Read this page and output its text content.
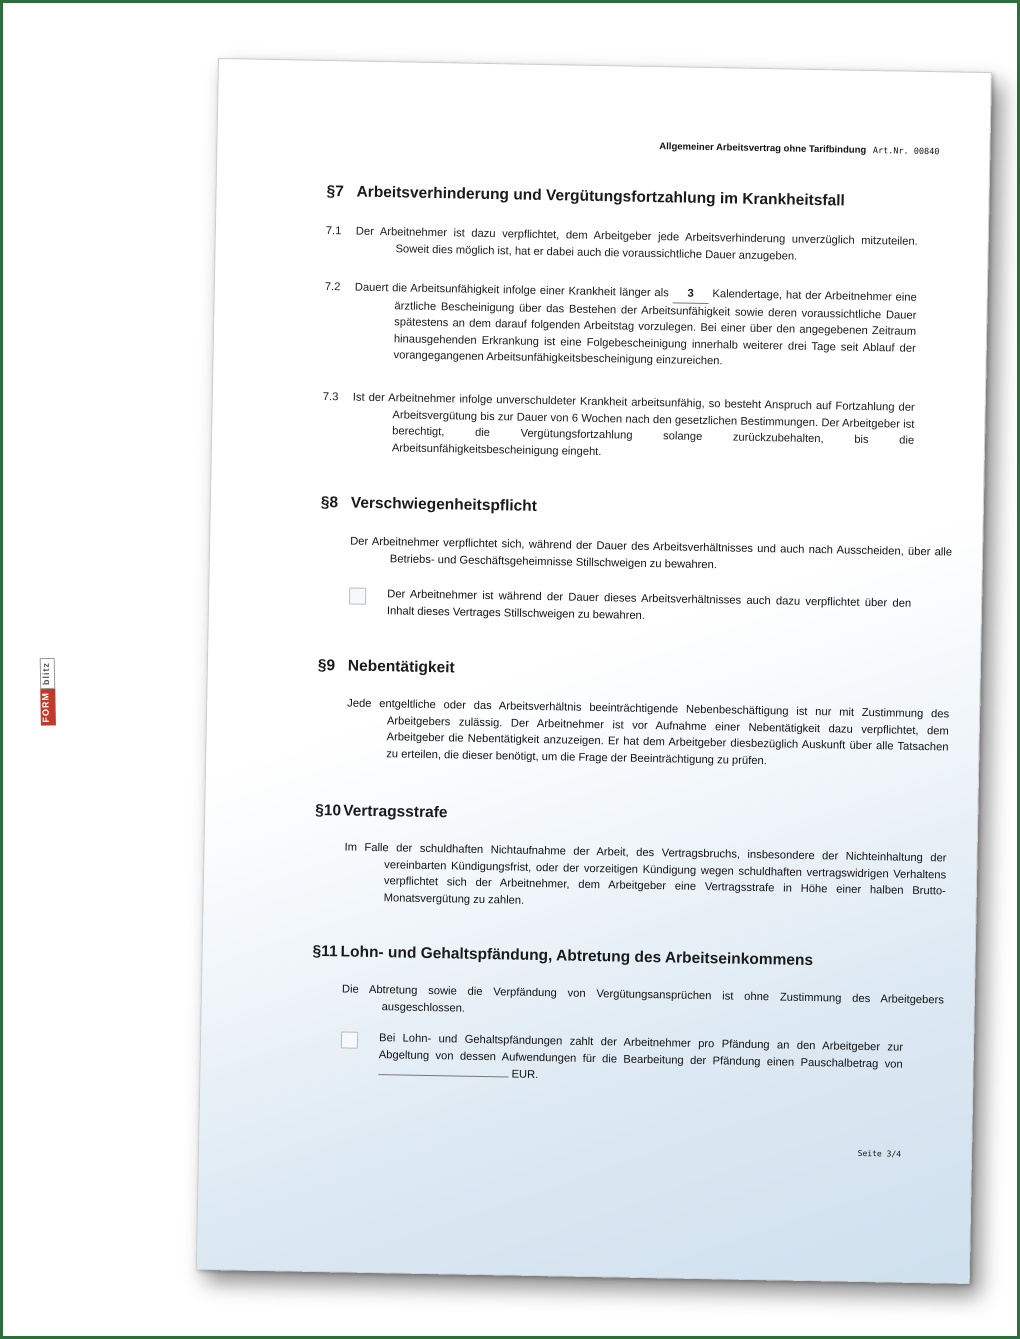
Allgemeiner Arbeitsvertrag ohne Tarifbindung Art.Nr. 00840
§7 Arbeitsverhinderung und Vergütungsfortzahlung im Krankheitsfall
7.1	Der Arbeitnehmer ist dazu verpflichtet, dem Arbeitgeber jede Arbeitsverhinderung unverzüglich mitzuteilen. Soweit dies möglich ist, hat er dabei auch die voraussichtliche Dauer anzugeben.
7.2	Dauert die Arbeitsunfähigkeit infolge einer Krankheit länger als 3 Kalendertage, hat der Arbeitnehmer eine ärztliche Bescheinigung über das Bestehen der Arbeitsunfähigkeit sowie deren voraussichtliche Dauer spätestens an dem darauf folgenden Arbeitstag vorzulegen. Bei einer über den angegebenen Zeitraum hinausgehenden Erkrankung ist eine Folgebescheinigung innerhalb weiterer drei Tage seit Ablauf der vorangegangenen Arbeitsunfähigkeitsbescheinigung einzureichen.
7.3	Ist der Arbeitnehmer infolge unverschuldeter Krankheit arbeitsunfähig, so besteht Anspruch auf Fortzahlung der Arbeitsvergütung bis zur Dauer von 6 Wochen nach den gesetzlichen Bestimmungen. Der Arbeitgeber ist berechtigt, die Vergütungsfortzahlung solange zurückzubehalten, bis die Arbeitsunfähigkeitsbescheinigung eingeht.
§8 Verschwiegenheitspflicht
Der Arbeitnehmer verpflichtet sich, während der Dauer des Arbeitsverhältnisses und auch nach Ausscheiden, über alle Betriebs- und Geschäftsgeheimnisse Stillschweigen zu bewahren.
Der Arbeitnehmer ist während der Dauer dieses Arbeitsverhältnisses auch dazu verpflichtet über den Inhalt dieses Vertrages Stillschweigen zu bewahren.
§9 Nebentätigkeit
Jede entgeltliche oder das Arbeitsverhältnis beeinträchtigende Nebenbeschäftigung ist nur mit Zustimmung des Arbeitgebers zulässig. Der Arbeitnehmer ist vor Aufnahme einer Nebentätigkeit dazu verpflichtet, dem Arbeitgeber die Nebentätigkeit anzuzeigen. Er hat dem Arbeitgeber diesbezüglich Auskunft über alle Tatsachen zu erteilen, die dieser benötigt, um die Frage der Beeinträchtigung zu prüfen.
§10 Vertragsstrafe
Im Falle der schuldhaften Nichtaufnahme der Arbeit, des Vertragsbruchs, insbesondere der Nichteinhaltung der vereinbarten Kündigungsfrist, oder der vorzeitigen Kündigung wegen schuldhaften vertragswidrigen Verhaltens verpflichtet sich der Arbeitnehmer, dem Arbeitgeber eine Vertragsstrafe in Höhe einer halben Brutto-Monatsvergütung zu zahlen.
§11 Lohn- und Gehaltspfändung, Abtretung des Arbeitseinkommens
Die Abtretung sowie die Verpfändung von Vergütungsansprüchen ist ohne Zustimmung des Arbeitgebers ausgeschlossen.
Bei Lohn- und Gehaltspfändungen zahlt der Arbeitnehmer pro Pfändung an den Arbeitgeber zur Abgeltung von dessen Aufwendungen für die Bearbeitung der Pfändung einen Pauschalbetrag von  EUR.
Seite 3/4
FORM
blitz
